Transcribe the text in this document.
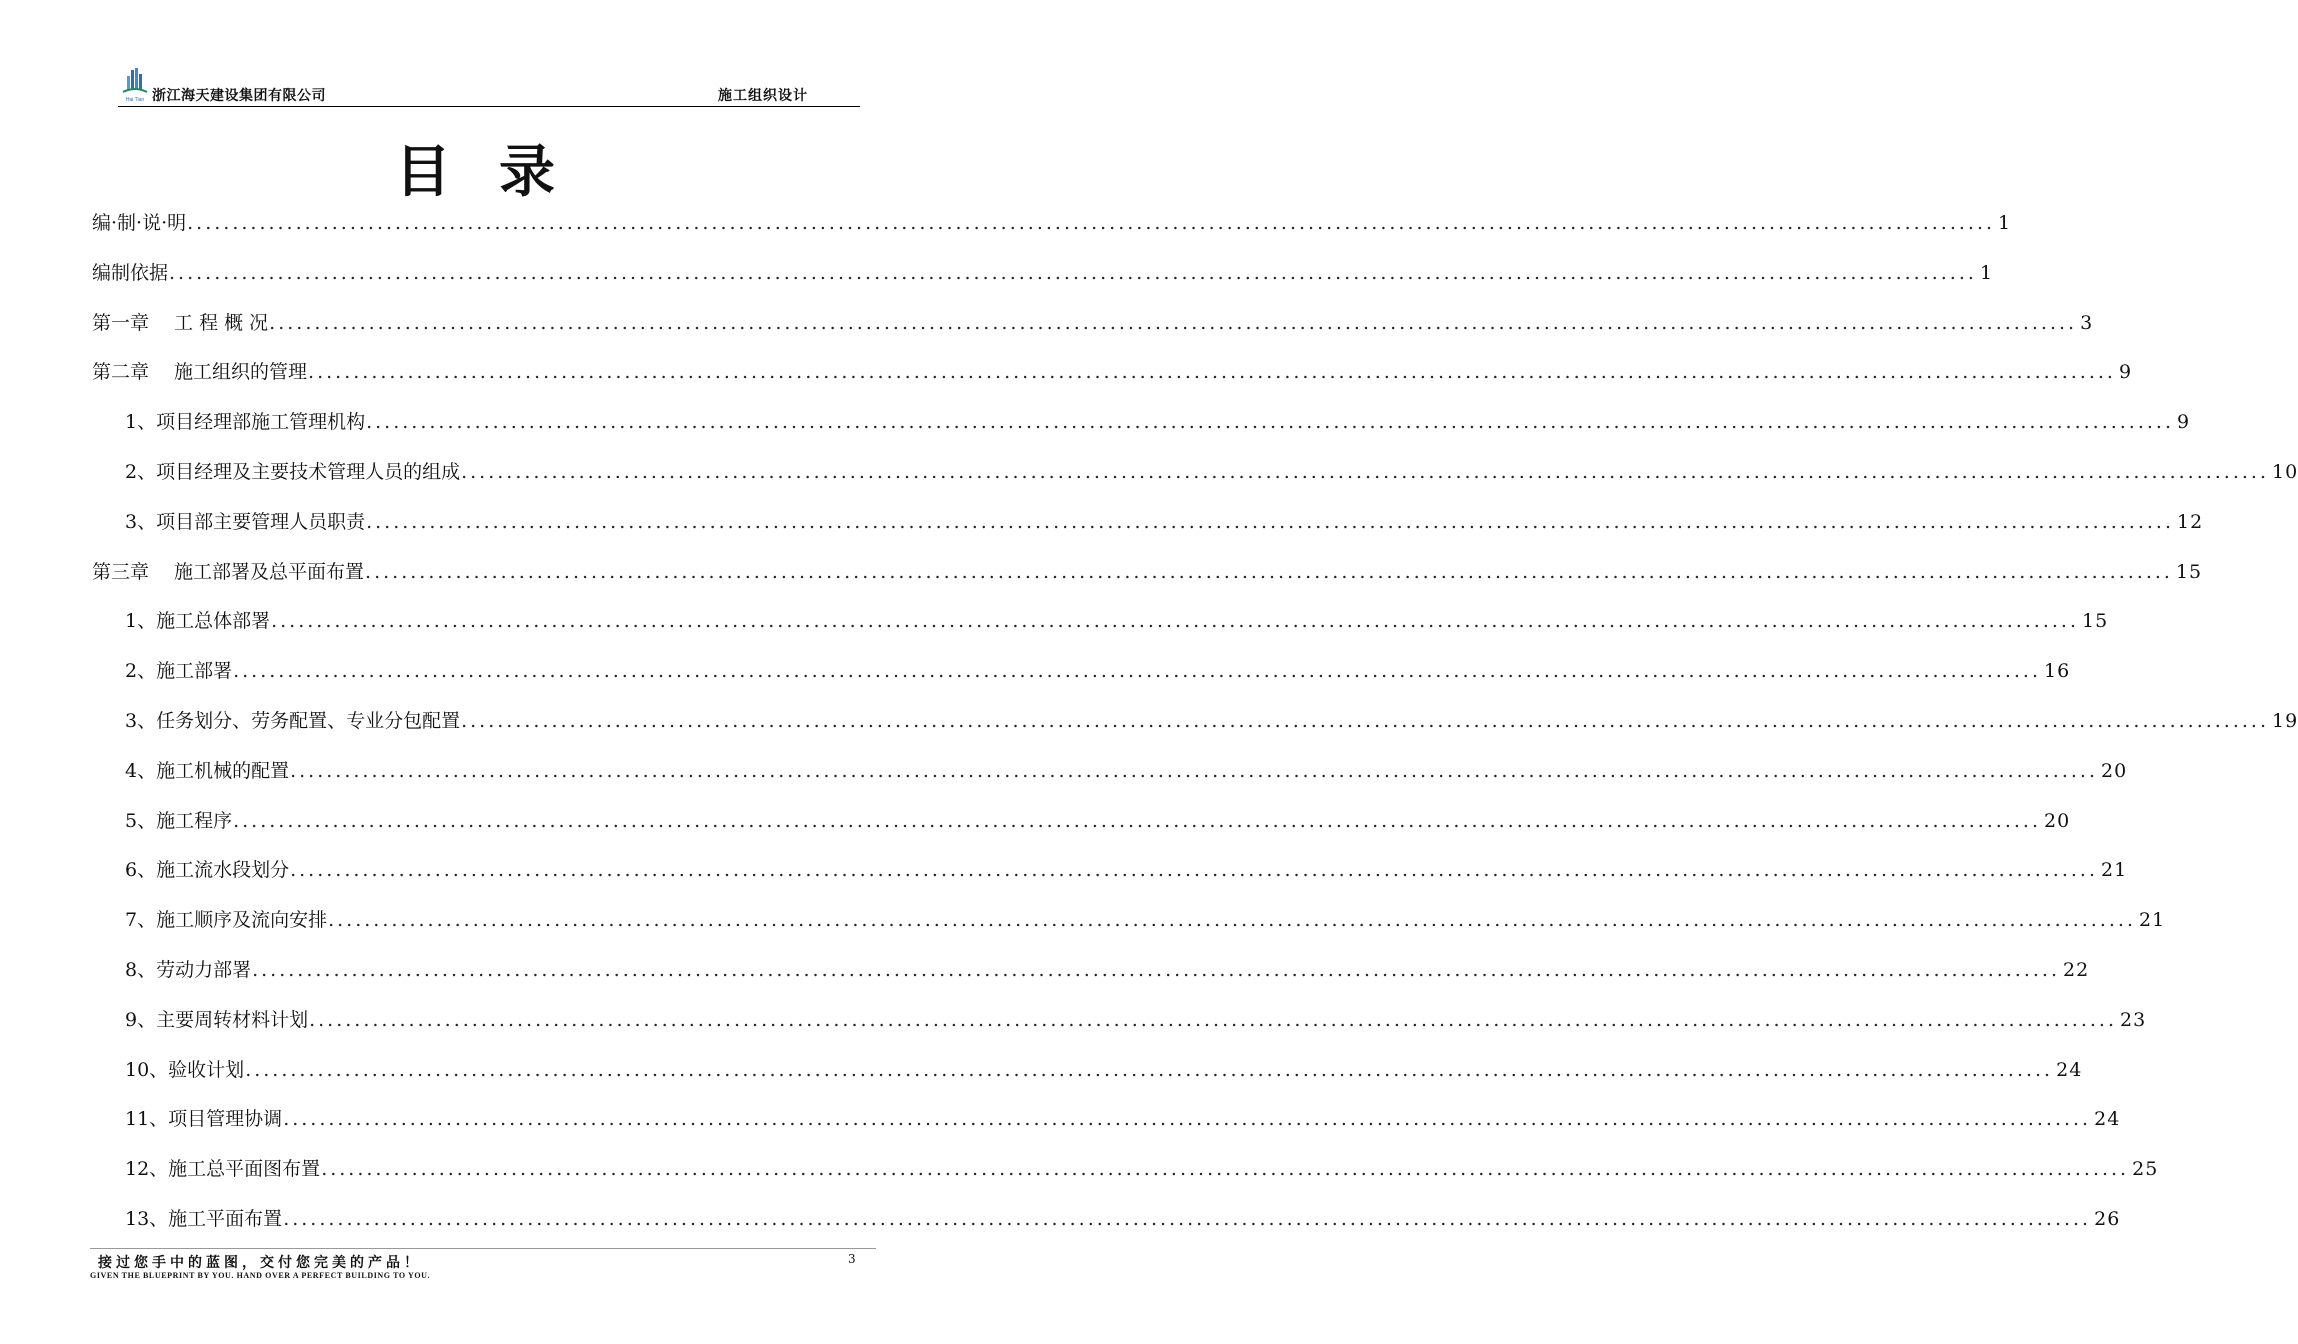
Hai Tian 浙江海天建设集团有限公司	施工组织设计
目录
编·制·说·明 ........................................................................................................................................................................................................ 1
编制依据 ........................................................................................................................................................................................................ 1
第一章　 工 程 概 况 ........................................................................................................................................................................................................ 3
第二章　 施工组织的管理 ........................................................................................................................................................................................................ 9
1、项目经理部施工管理机构 ........................................................................................................................................................................................................ 9
2、项目经理及主要技术管理人员的组成 ........................................................................................................................................................................................................ 10
3、项目部主要管理人员职责 ........................................................................................................................................................................................................ 12
第三章　 施工部署及总平面布置 ........................................................................................................................................................................................................ 15
1、施工总体部署 ........................................................................................................................................................................................................ 15
2、施工部署 ........................................................................................................................................................................................................ 16
3、任务划分、劳务配置、专业分包配置 ........................................................................................................................................................................................................ 19
4、施工机械的配置 ........................................................................................................................................................................................................ 20
5、施工程序 ........................................................................................................................................................................................................ 20
6、施工流水段划分 ........................................................................................................................................................................................................ 21
7、施工顺序及流向安排 ........................................................................................................................................................................................................ 21
8、劳动力部署 ........................................................................................................................................................................................................ 22
9、主要周转材料计划 ........................................................................................................................................................................................................ 23
10、验收计划 ........................................................................................................................................................................................................ 24
11、项目管理协调 ........................................................................................................................................................................................................ 24
12、施工总平面图布置 ........................................................................................................................................................................................................ 25
13、施工平面布置 ........................................................................................................................................................................................................ 26
接过您手中的蓝图，交付您完美的产品！
GIVEN THE BLUEPRINT BY YOU. HAND OVER A PERFECT BUILDING TO YOU.
3
